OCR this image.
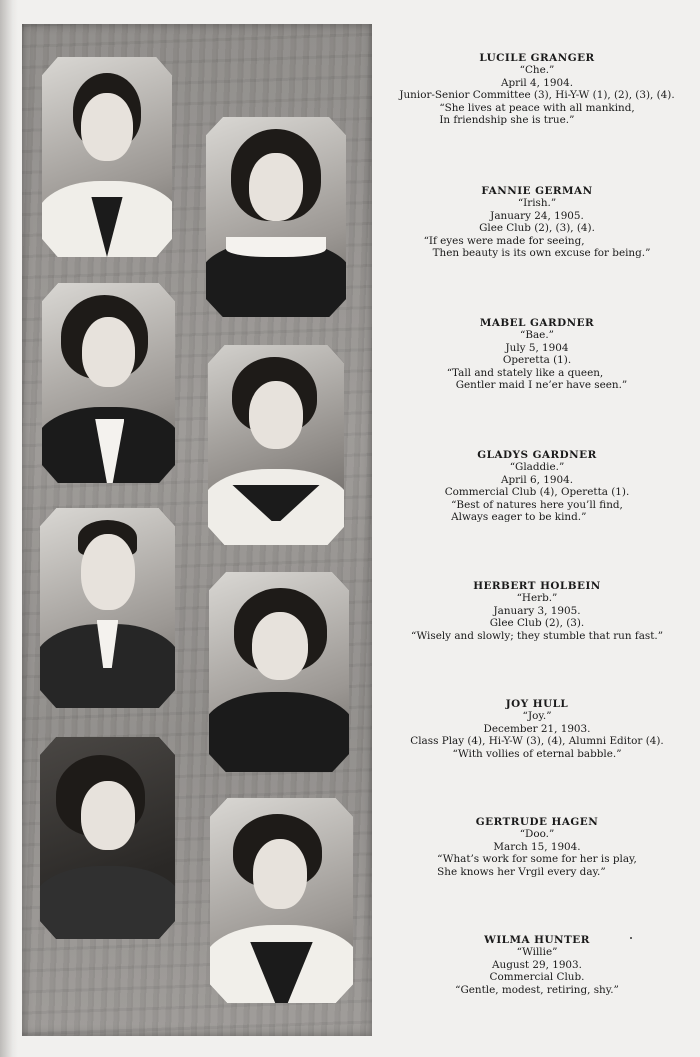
LUCILE GRANGER
“Che.”
April 4, 1904.
Junior-Senior Committee (3), Hi-Y-W (1), (2), (3), (4).
“She lives at peace with all mankind,
In friendship she is true.”
FANNIE GERMAN
“Irish.”
January 24, 1905.
Glee Club (2), (3), (4).
“If eyes were made for seeing,
Then beauty is its own excuse for being.”
MABEL GARDNER
“Bae.”
July 5, 1904
Operetta (1).
“Tall and stately like a queen,
Gentler maid I ne’er have seen.”
GLADYS GARDNER
“Gladdie.”
April 6, 1904.
Commercial Club (4), Operetta (1).
“Best of natures here you’ll find,
Always eager to be kind.”
HERBERT HOLBEIN
“Herb.”
January 3, 1905.
Glee Club (2), (3).
“Wisely and slowly; they stumble that run fast.”
JOY HULL
“Joy.”
December 21, 1903.
Class Play (4), Hi-Y-W (3), (4), Alumni Editor (4).
“With vollies of eternal babble.”
GERTRUDE HAGEN
“Doo.”
March 15, 1904.
“What’s work for some for her is play,
She knows her Vrgil every day.”
WILMA HUNTER
“Willie”
August 29, 1903.
Commercial Club.
“Gentle, modest, retiring, shy.”
